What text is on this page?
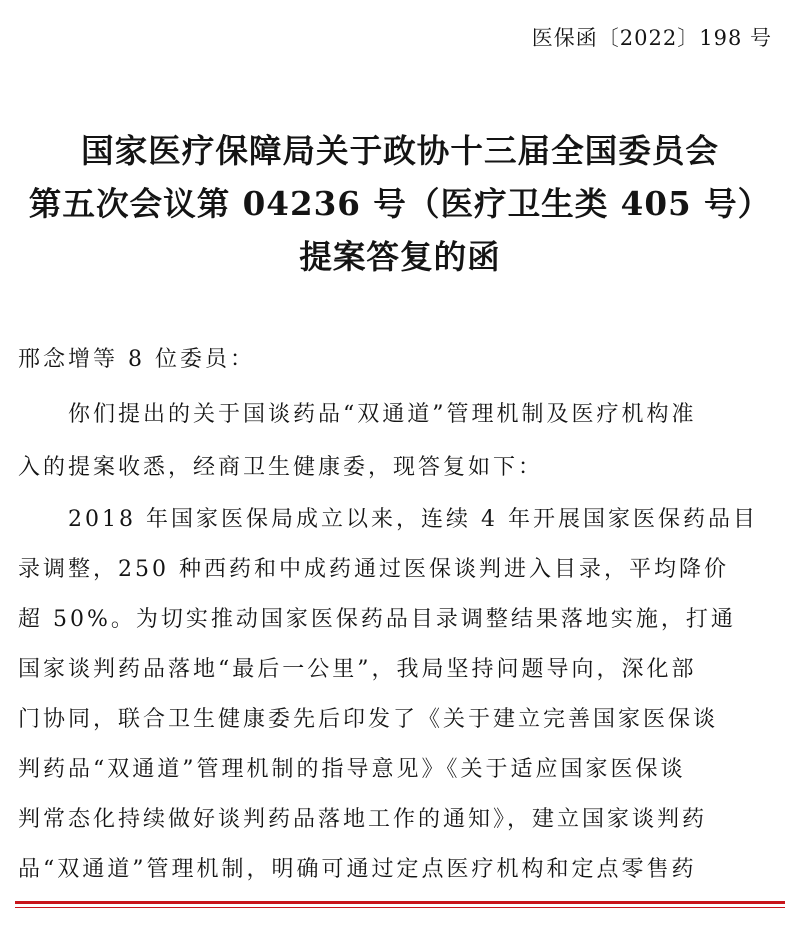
医保函〔2022〕198 号
国家医疗保障局关于政协十三届全国委员会
第五次会议第 04236 号（医疗卫生类 405 号）
提案答复的函
邢念增等 8 位委员：
　　你们提出的关于国谈药品“双通道”管理机制及医疗机构准
入的提案收悉，经商卫生健康委，现答复如下：
　　2018 年国家医保局成立以来，连续 4 年开展国家医保药品目
录调整，250 种西药和中成药通过医保谈判进入目录，平均降价
超 50%。为切实推动国家医保药品目录调整结果落地实施，打通
国家谈判药品落地“最后一公里”，我局坚持问题导向，深化部
门协同，联合卫生健康委先后印发了《关于建立完善国家医保谈
判药品“双通道”管理机制的指导意见》《关于适应国家医保谈
判常态化持续做好谈判药品落地工作的通知》，建立国家谈判药
品“双通道”管理机制，明确可通过定点医疗机构和定点零售药
